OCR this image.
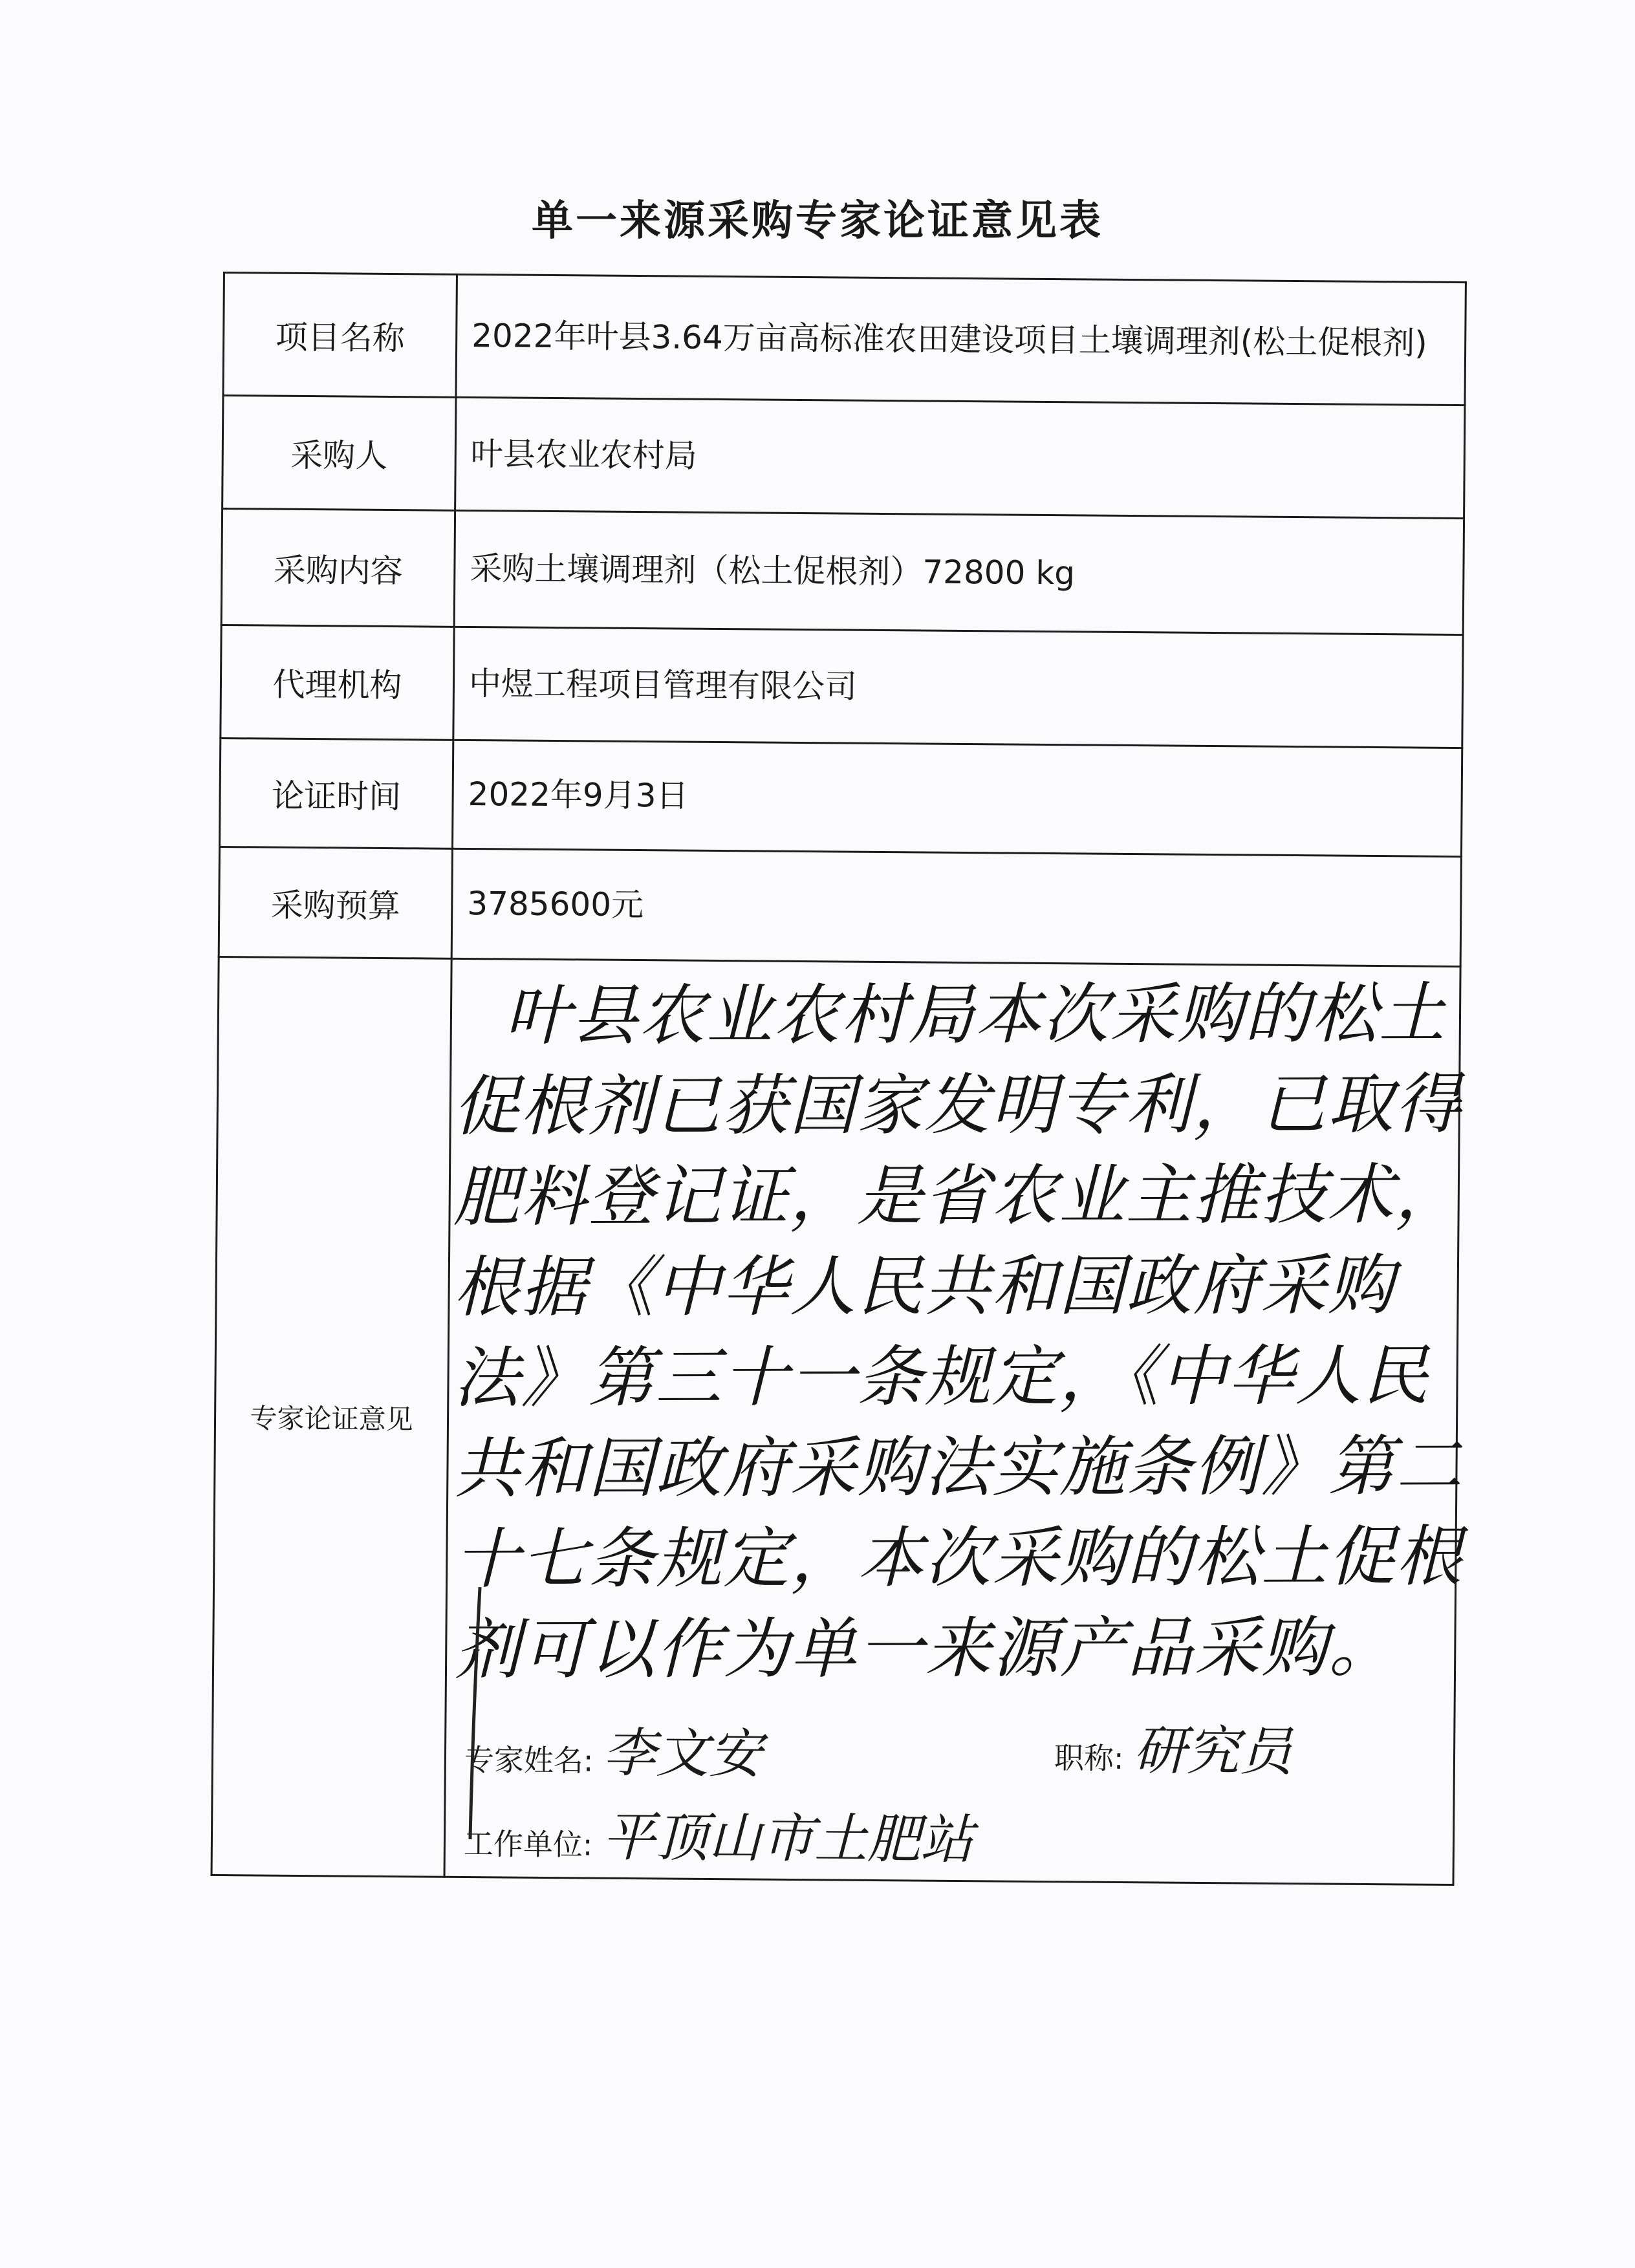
单一来源采购专家论证意见表
项目名称	2022年叶县3.64万亩高标准农田建设项目土壤调理剂(松土促根剂)
采购人	叶县农业农村局
采购内容	采购土壤调理剂（松土促根剂）72800 kg
代理机构	中煜工程项目管理有限公司
论证时间	2022年9月3日
采购预算	3785600元
专家论证意见	叶县农业农村局本次采购的松土促根剂已获国家发明专利，已取得肥料登记证，是省农业主推技术，根据《中华人民共和国政府采购法》第三十一条规定，《中华人民共和国政府采购法实施条例》第二十七条规定，本次采购的松土促根剂可以作为单一来源产品采购。
专家姓名: 李文安 职称: 研究员
工作单位: 平顶山市土肥站
